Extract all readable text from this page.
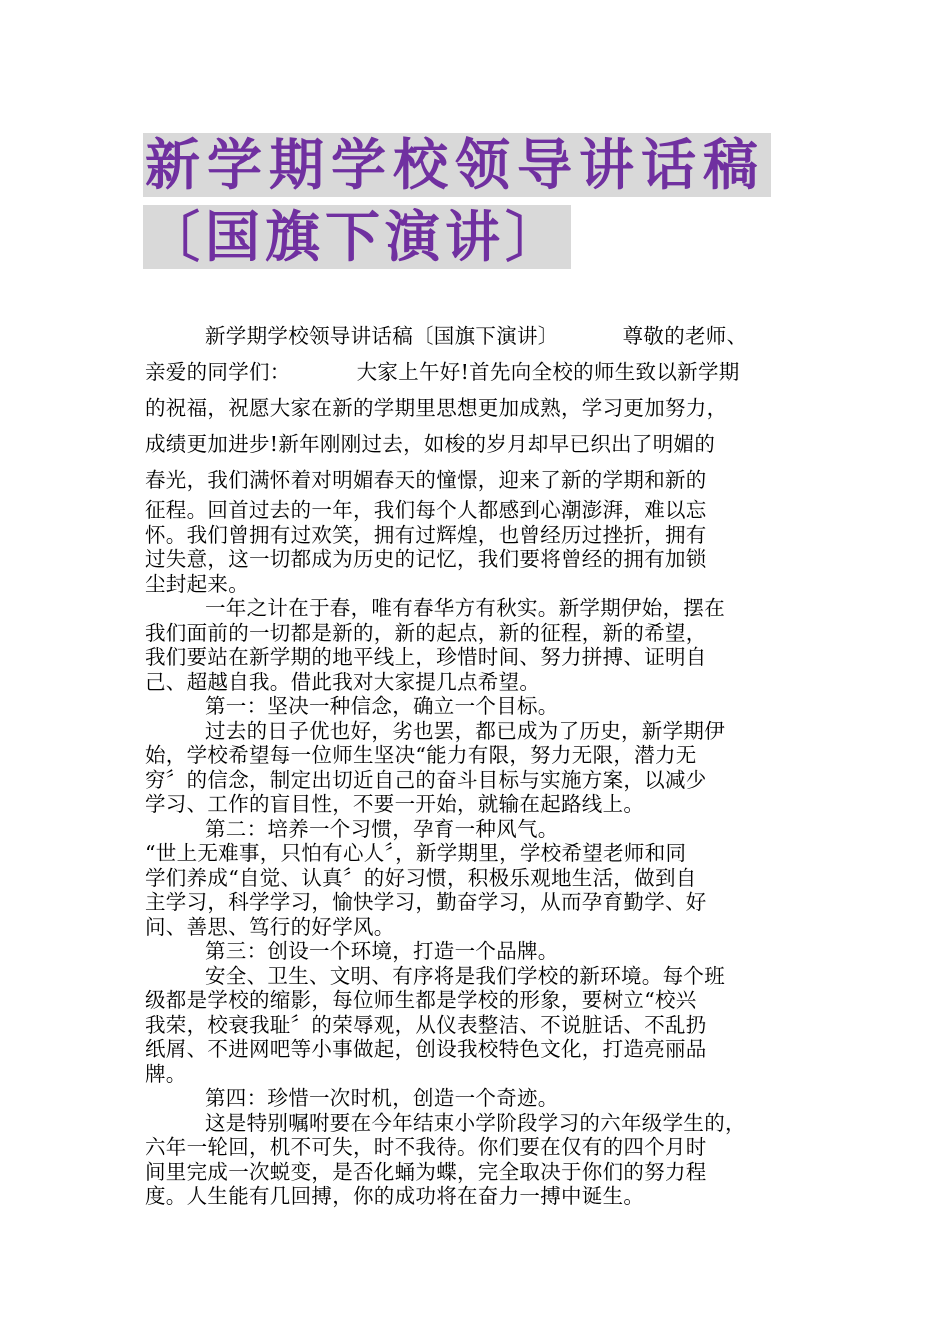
新学期学校领导讲话稿
〔国旗下演讲〕
新学期学校领导讲话稿〔国旗下演讲〕	尊敬的老师、
亲爱的同学们：	大家上午好!首先向全校的师生致以新学期
的祝福，祝愿大家在新的学期里思想更加成熟，学习更加努力，
成绩更加进步!新年刚刚过去，如梭的岁月却早已织出了明媚的
春光，我们满怀着对明媚春天的憧憬，迎来了新的学期和新的
征程。回首过去的一年，我们每个人都感到心潮澎湃，难以忘
怀。我们曾拥有过欢笑，拥有过辉煌，也曾经历过挫折，拥有
过失意，这一切都成为历史的记忆，我们要将曾经的拥有加锁
尘封起来。
一年之计在于春，唯有春华方有秋实。新学期伊始，摆在
我们面前的一切都是新的，新的起点，新的征程，新的希望，
我们要站在新学期的地平线上，珍惜时间、努力拼搏、证明自
己、超越自我。借此我对大家提几点希望。
第一：坚决一种信念，确立一个目标。
过去的日子优也好，劣也罢，都已成为了历史，新学期伊
始，学校希望每一位师生坚决“能力有限，努力无限，潜力无
穷〞的信念，制定出切近自己的奋斗目标与实施方案，以减少
学习、工作的盲目性，不要一开始，就输在起路线上。
第二：培养一个习惯，孕育一种风气。
“世上无难事，只怕有心人〞，新学期里，学校希望老师和同
学们养成“自觉、认真〞的好习惯，积极乐观地生活，做到自
主学习，科学学习，愉快学习，勤奋学习，从而孕育勤学、好
问、善思、笃行的好学风。
第三：创设一个环境，打造一个品牌。
安全、卫生、文明、有序将是我们学校的新环境。每个班
级都是学校的缩影，每位师生都是学校的形象，要树立“校兴
我荣，校衰我耻〞的荣辱观，从仪表整洁、不说脏话、不乱扔
纸屑、不进网吧等小事做起，创设我校特色文化，打造亮丽品
牌。
第四：珍惜一次时机，创造一个奇迹。
这是特别嘱咐要在今年结束小学阶段学习的六年级学生的，
六年一轮回，机不可失，时不我待。你们要在仅有的四个月时
间里完成一次蜕变，是否化蛹为蝶，完全取决于你们的努力程
度。人生能有几回搏，你的成功将在奋力一搏中诞生。
